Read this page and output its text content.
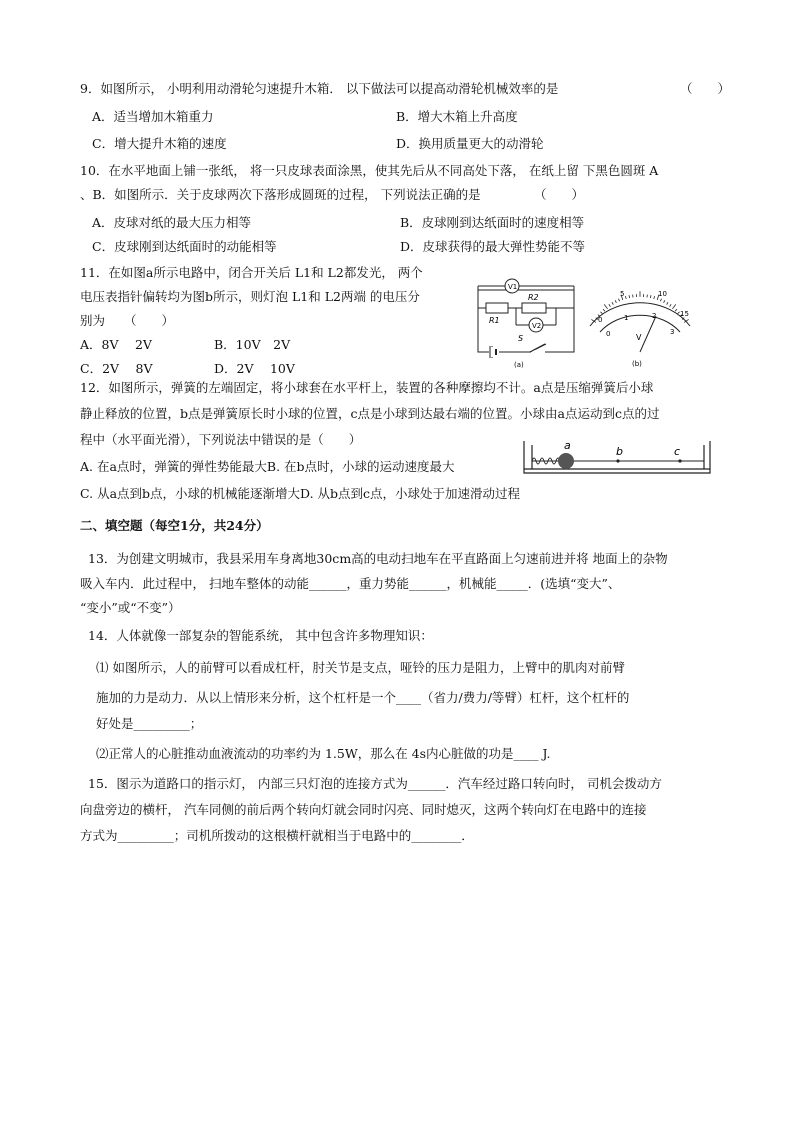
9．如图所示， 小明利用动滑轮匀速提升木箱． 以下做法可以提高动滑轮机械效率的是	（　　）
A．适当增加木箱重力	B．增大木箱上升高度
C．增大提升木箱的速度	D．换用质量更大的动滑轮
10．在水平地面上铺一张纸， 将一只皮球表面涂黑，使其先后从不同高处下落， 在纸上留 下黑色圆斑 A
、B．如图所示．关于皮球两次下落形成圆斑的过程， 下列说法正确的是	（　　）
A．皮球对纸的最大压力相等	B．皮球刚到达纸面时的速度相等
C．皮球刚到达纸面时的动能相等	D．皮球获得的最大弹性势能不等
11．在如图a所示电路中，闭合开关后 L1和 L2都发光， 两个
电压表指针偏转均为图b所示，则灯泡 L1和 L2两端 的电压分
别为 （　　）
A．8V　 2V	B．10V　2V
C．2V　 8V	D．2V　 10V
V1
V2
R1
R2
S
(a)
0
5	10
15
0
1	2
3
V
(b)
12．如图所示，弹簧的左端固定，将小球套在水平杆上，装置的各种摩擦均不计。a点是压缩弹簧后小球
静止释放的位置，b点是弹簧原长时小球的位置，c点是小球到达最右端的位置。小球由a点运动到c点的过
程中（水平面光滑），下列说法中错误的是（　　）
A. 在a点时，弹簧的弹性势能最大B. 在b点时，小球的运动速度最大
C. 从a点到b点，小球的机械能逐渐增大D. 从b点到c点，小球处于加速滑动过程
a	b	c
二、填空题（每空1分，共24分）
13．为创建文明城市，我县采用车身离地30cm高的电动扫地车在平直路面上匀速前进并将 地面上的杂物
吸入车内．此过程中， 扫地车整体的动能______，重力势能______，机械能_____．(选填“变大”、
“变小”或“不变”）
14．人体就像一部复杂的智能系统， 其中包含许多物理知识：
⑴ 如图所示，人的前臂可以看成杠杆，肘关节是支点，哑铃的压力是阻力，上臂中的肌肉对前臂
施加的力是动力．从以上情形来分析，这个杠杆是一个____（省力/费力/等臂）杠杆，这个杠杆的
好处是_________；
⑵正常人的心脏推动血液流动的功率约为 1.5W，那么在 4s内心脏做的功是____ J.
15．图示为道路口的指示灯， 内部三只灯泡的连接方式为______．汽车经过路口转向时， 司机会拨动方
向盘旁边的横杆， 汽车同侧的前后两个转向灯就会同时闪亮、同时熄灭，这两个转向灯在电路中的连接
方式为_________；司机所拨动的这根横杆就相当于电路中的________．
